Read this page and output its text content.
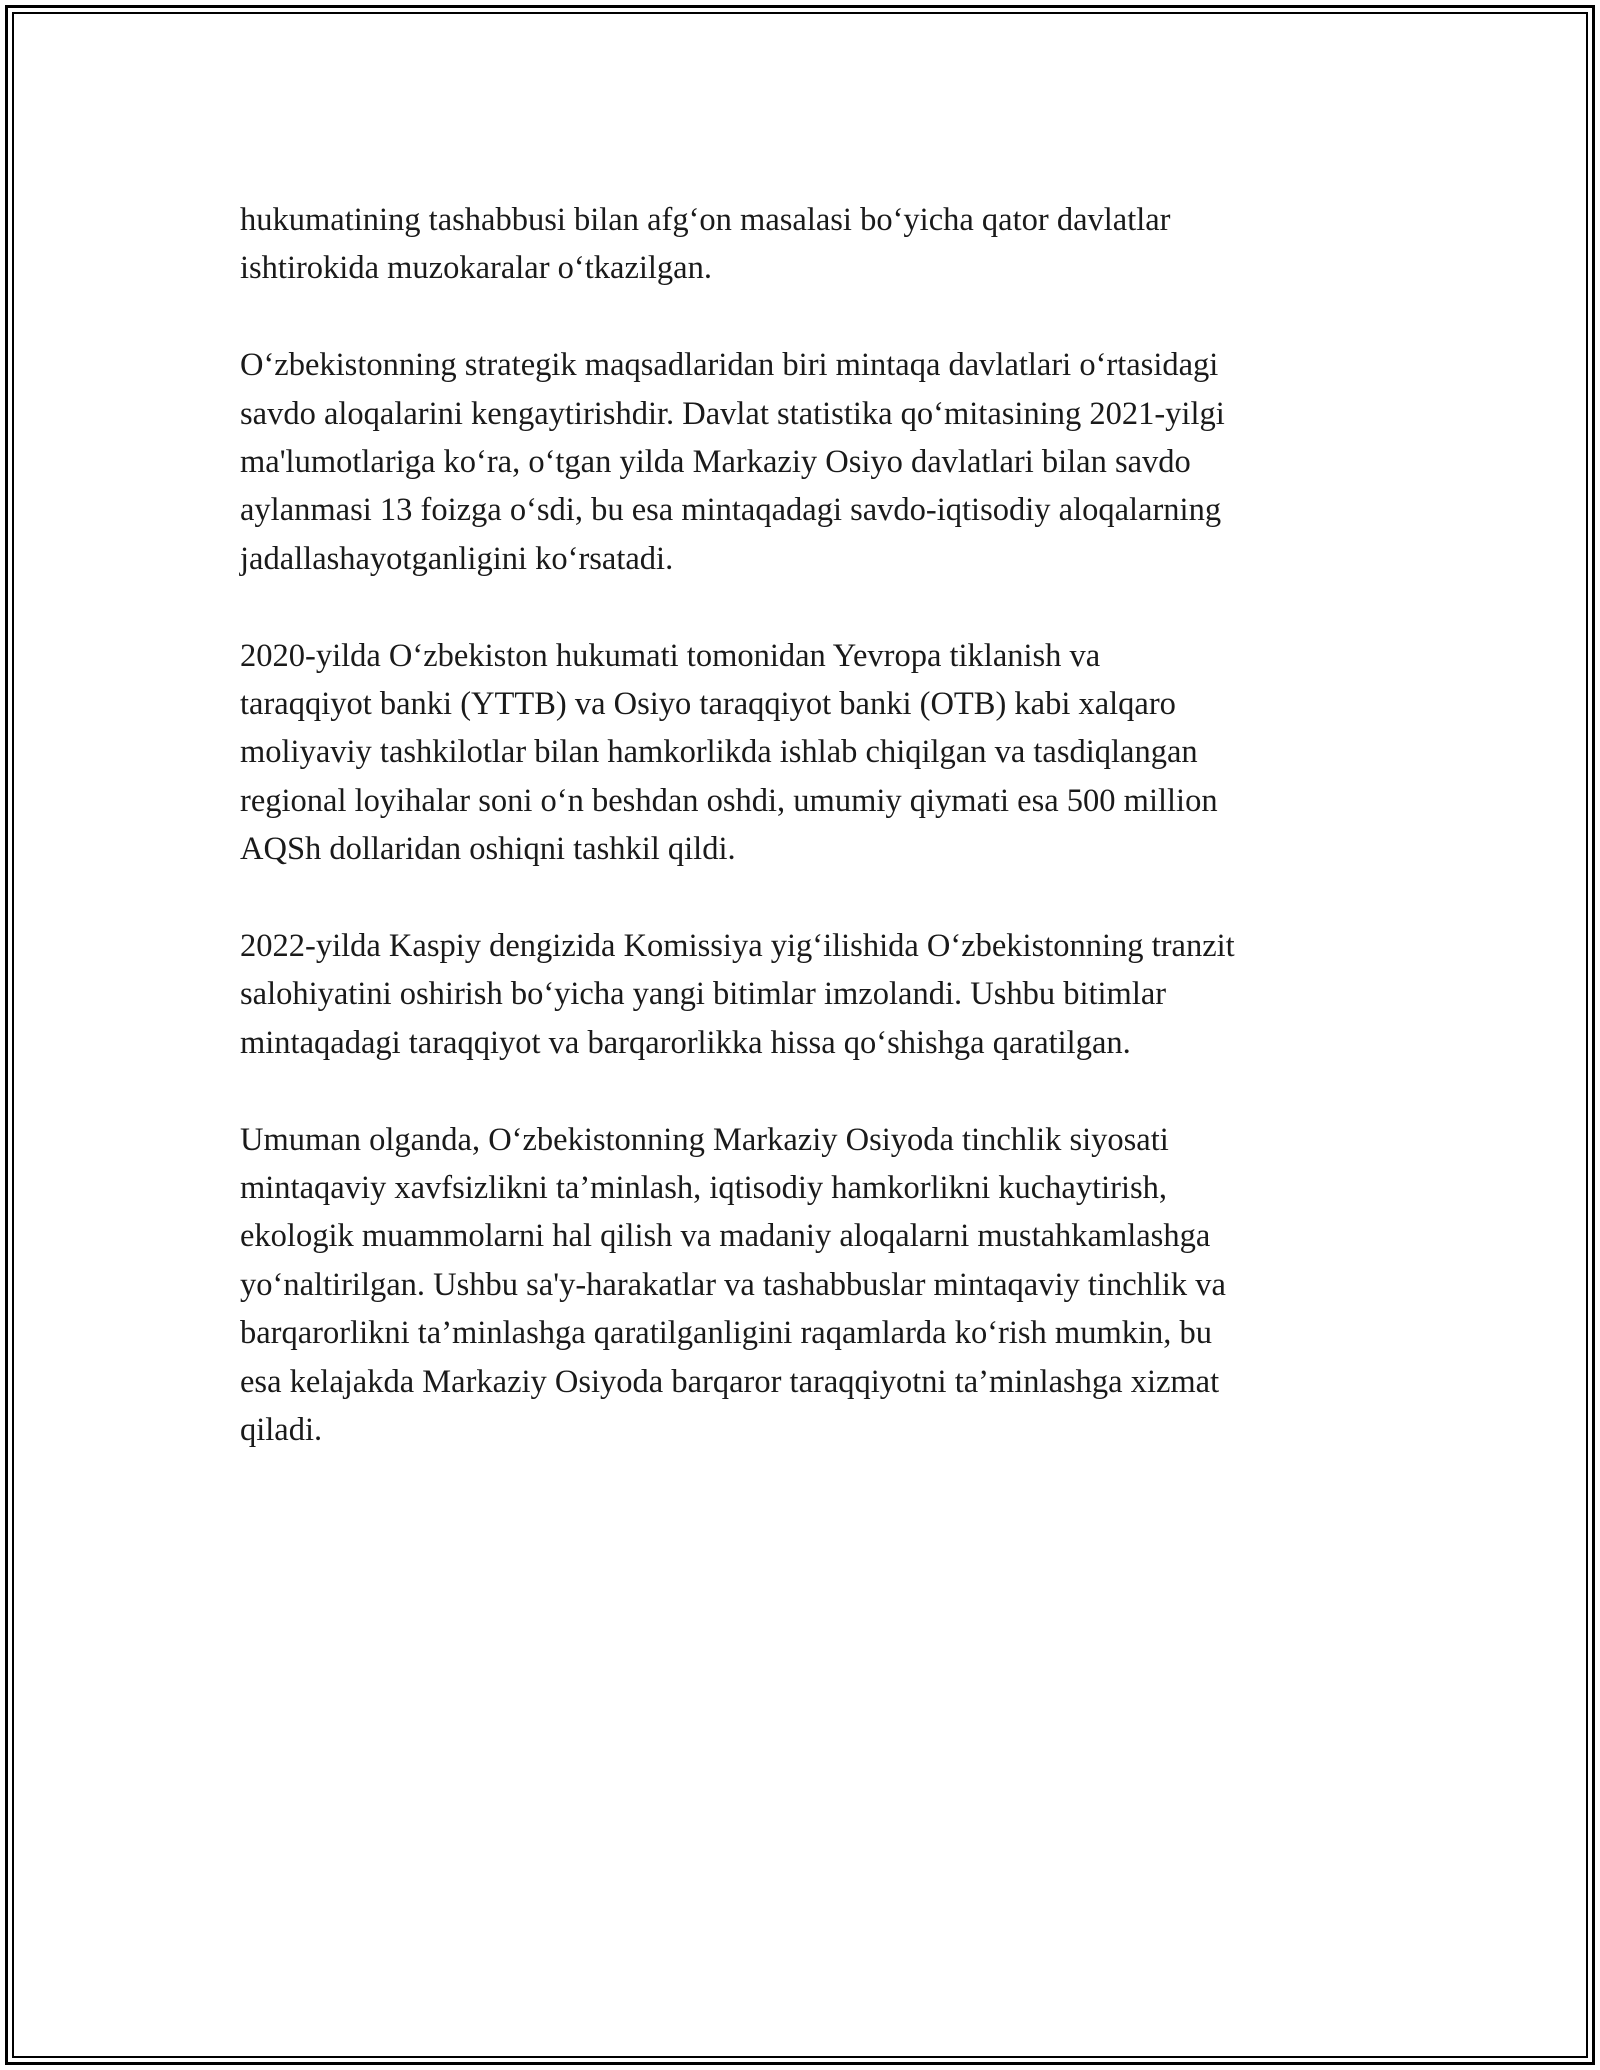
hukumatining tashabbusi bilan afg‘on masalasi bo‘yicha qator davlatlar
ishtirokida muzokaralar o‘tkazilgan.

O‘zbekistonning strategik maqsadlaridan biri mintaqa davlatlari o‘rtasidagi
savdo aloqalarini kengaytirishdir. Davlat statistika qo‘mitasining 2021-yilgi
ma'lumotlariga ko‘ra, o‘tgan yilda Markaziy Osiyo davlatlari bilan savdo
aylanmasi 13 foizga o‘sdi, bu esa mintaqadagi savdo-iqtisodiy aloqalarning
jadallashayotganligini ko‘rsatadi.

2020-yilda O‘zbekiston hukumati tomonidan Yevropa tiklanish va
taraqqiyot banki (YTTB) va Osiyo taraqqiyot banki (OTB) kabi xalqaro
moliyaviy tashkilotlar bilan hamkorlikda ishlab chiqilgan va tasdiqlangan
regional loyihalar soni o‘n beshdan oshdi, umumiy qiymati esa 500 million
AQSh dollaridan oshiqni tashkil qildi.

2022-yilda Kaspiy dengizida Komissiya yig‘ilishida O‘zbekistonning tranzit
salohiyatini oshirish bo‘yicha yangi bitimlar imzolandi. Ushbu bitimlar
mintaqadagi taraqqiyot va barqarorlikka hissa qo‘shishga qaratilgan.

Umuman olganda, O‘zbekistonning Markaziy Osiyoda tinchlik siyosati
mintaqaviy xavfsizlikni ta’minlash, iqtisodiy hamkorlikni kuchaytirish,
ekologik muammolarni hal qilish va madaniy aloqalarni mustahkamlashga
yo‘naltirilgan. Ushbu sa'y-harakatlar va tashabbuslar mintaqaviy tinchlik va
barqarorlikni ta’minlashga qaratilganligini raqamlarda ko‘rish mumkin, bu
esa kelajakda Markaziy Osiyoda barqaror taraqqiyotni ta’minlashga xizmat
qiladi.
